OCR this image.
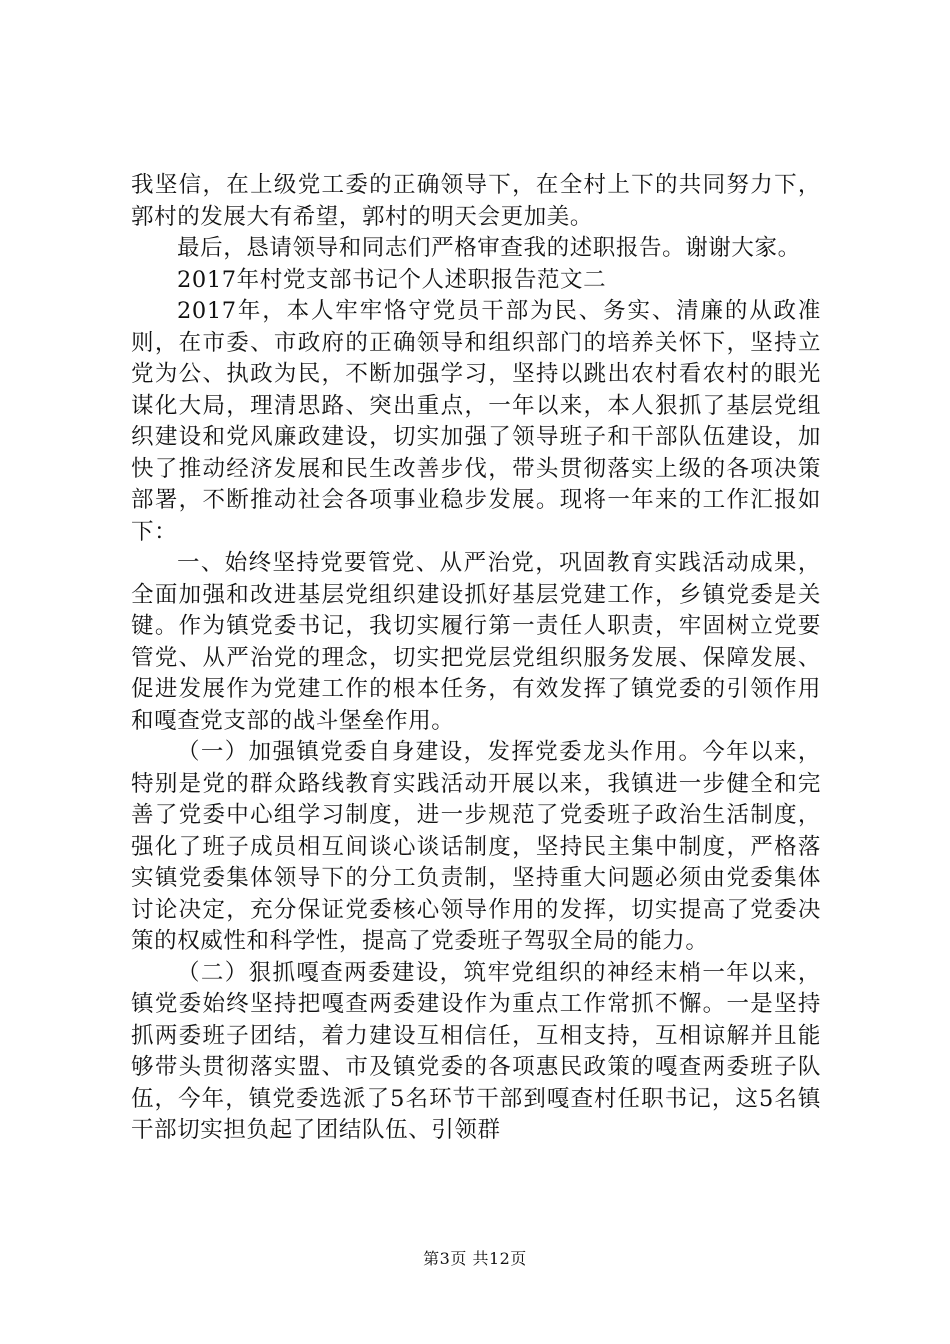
我坚信，在上级党工委的正确领导下，在全村上下的共同努力下，郭村的发展大有希望，郭村的明天会更加美。

最后，恳请领导和同志们严格审查我的述职报告。谢谢大家。

2017年村党支部书记个人述职报告范文二

2017年，本人牢牢恪守党员干部为民、务实、清廉的从政准则，在市委、市政府的正确领导和组织部门的培养关怀下，坚持立党为公、执政为民，不断加强学习，坚持以跳出农村看农村的眼光谋化大局，理清思路、突出重点，一年以来，本人狠抓了基层党组织建设和党风廉政建设，切实加强了领导班子和干部队伍建设，加快了推动经济发展和民生改善步伐，带头贯彻落实上级的各项决策部署，不断推动社会各项事业稳步发展。现将一年来的工作汇报如下：

一、始终坚持党要管党、从严治党，巩固教育实践活动成果，全面加强和改进基层党组织建设抓好基层党建工作，乡镇党委是关键。作为镇党委书记，我切实履行第一责任人职责，牢固树立党要管党、从严治党的理念，切实把党层党组织服务发展、保障发展、促进发展作为党建工作的根本任务，有效发挥了镇党委的引领作用和嘎查党支部的战斗堡垒作用。

（一）加强镇党委自身建设，发挥党委龙头作用。今年以来，特别是党的群众路线教育实践活动开展以来，我镇进一步健全和完善了党委中心组学习制度，进一步规范了党委班子政治生活制度，强化了班子成员相互间谈心谈话制度，坚持民主集中制度，严格落实镇党委集体领导下的分工负责制，坚持重大问题必须由党委集体讨论决定，充分保证党委核心领导作用的发挥，切实提高了党委决策的权威性和科学性，提高了党委班子驾驭全局的能力。

（二）狠抓嘎查两委建设，筑牢党组织的神经末梢一年以来，镇党委始终坚持把嘎查两委建设作为重点工作常抓不懈。一是坚持抓两委班子团结，着力建设互相信任，互相支持，互相谅解并且能够带头贯彻落实盟、市及镇党委的各项惠民政策的嘎查两委班子队伍，今年，镇党委选派了5名环节干部到嘎查村任职书记，这5名镇干部切实担负起了团结队伍、引领群

第3页 共12页
